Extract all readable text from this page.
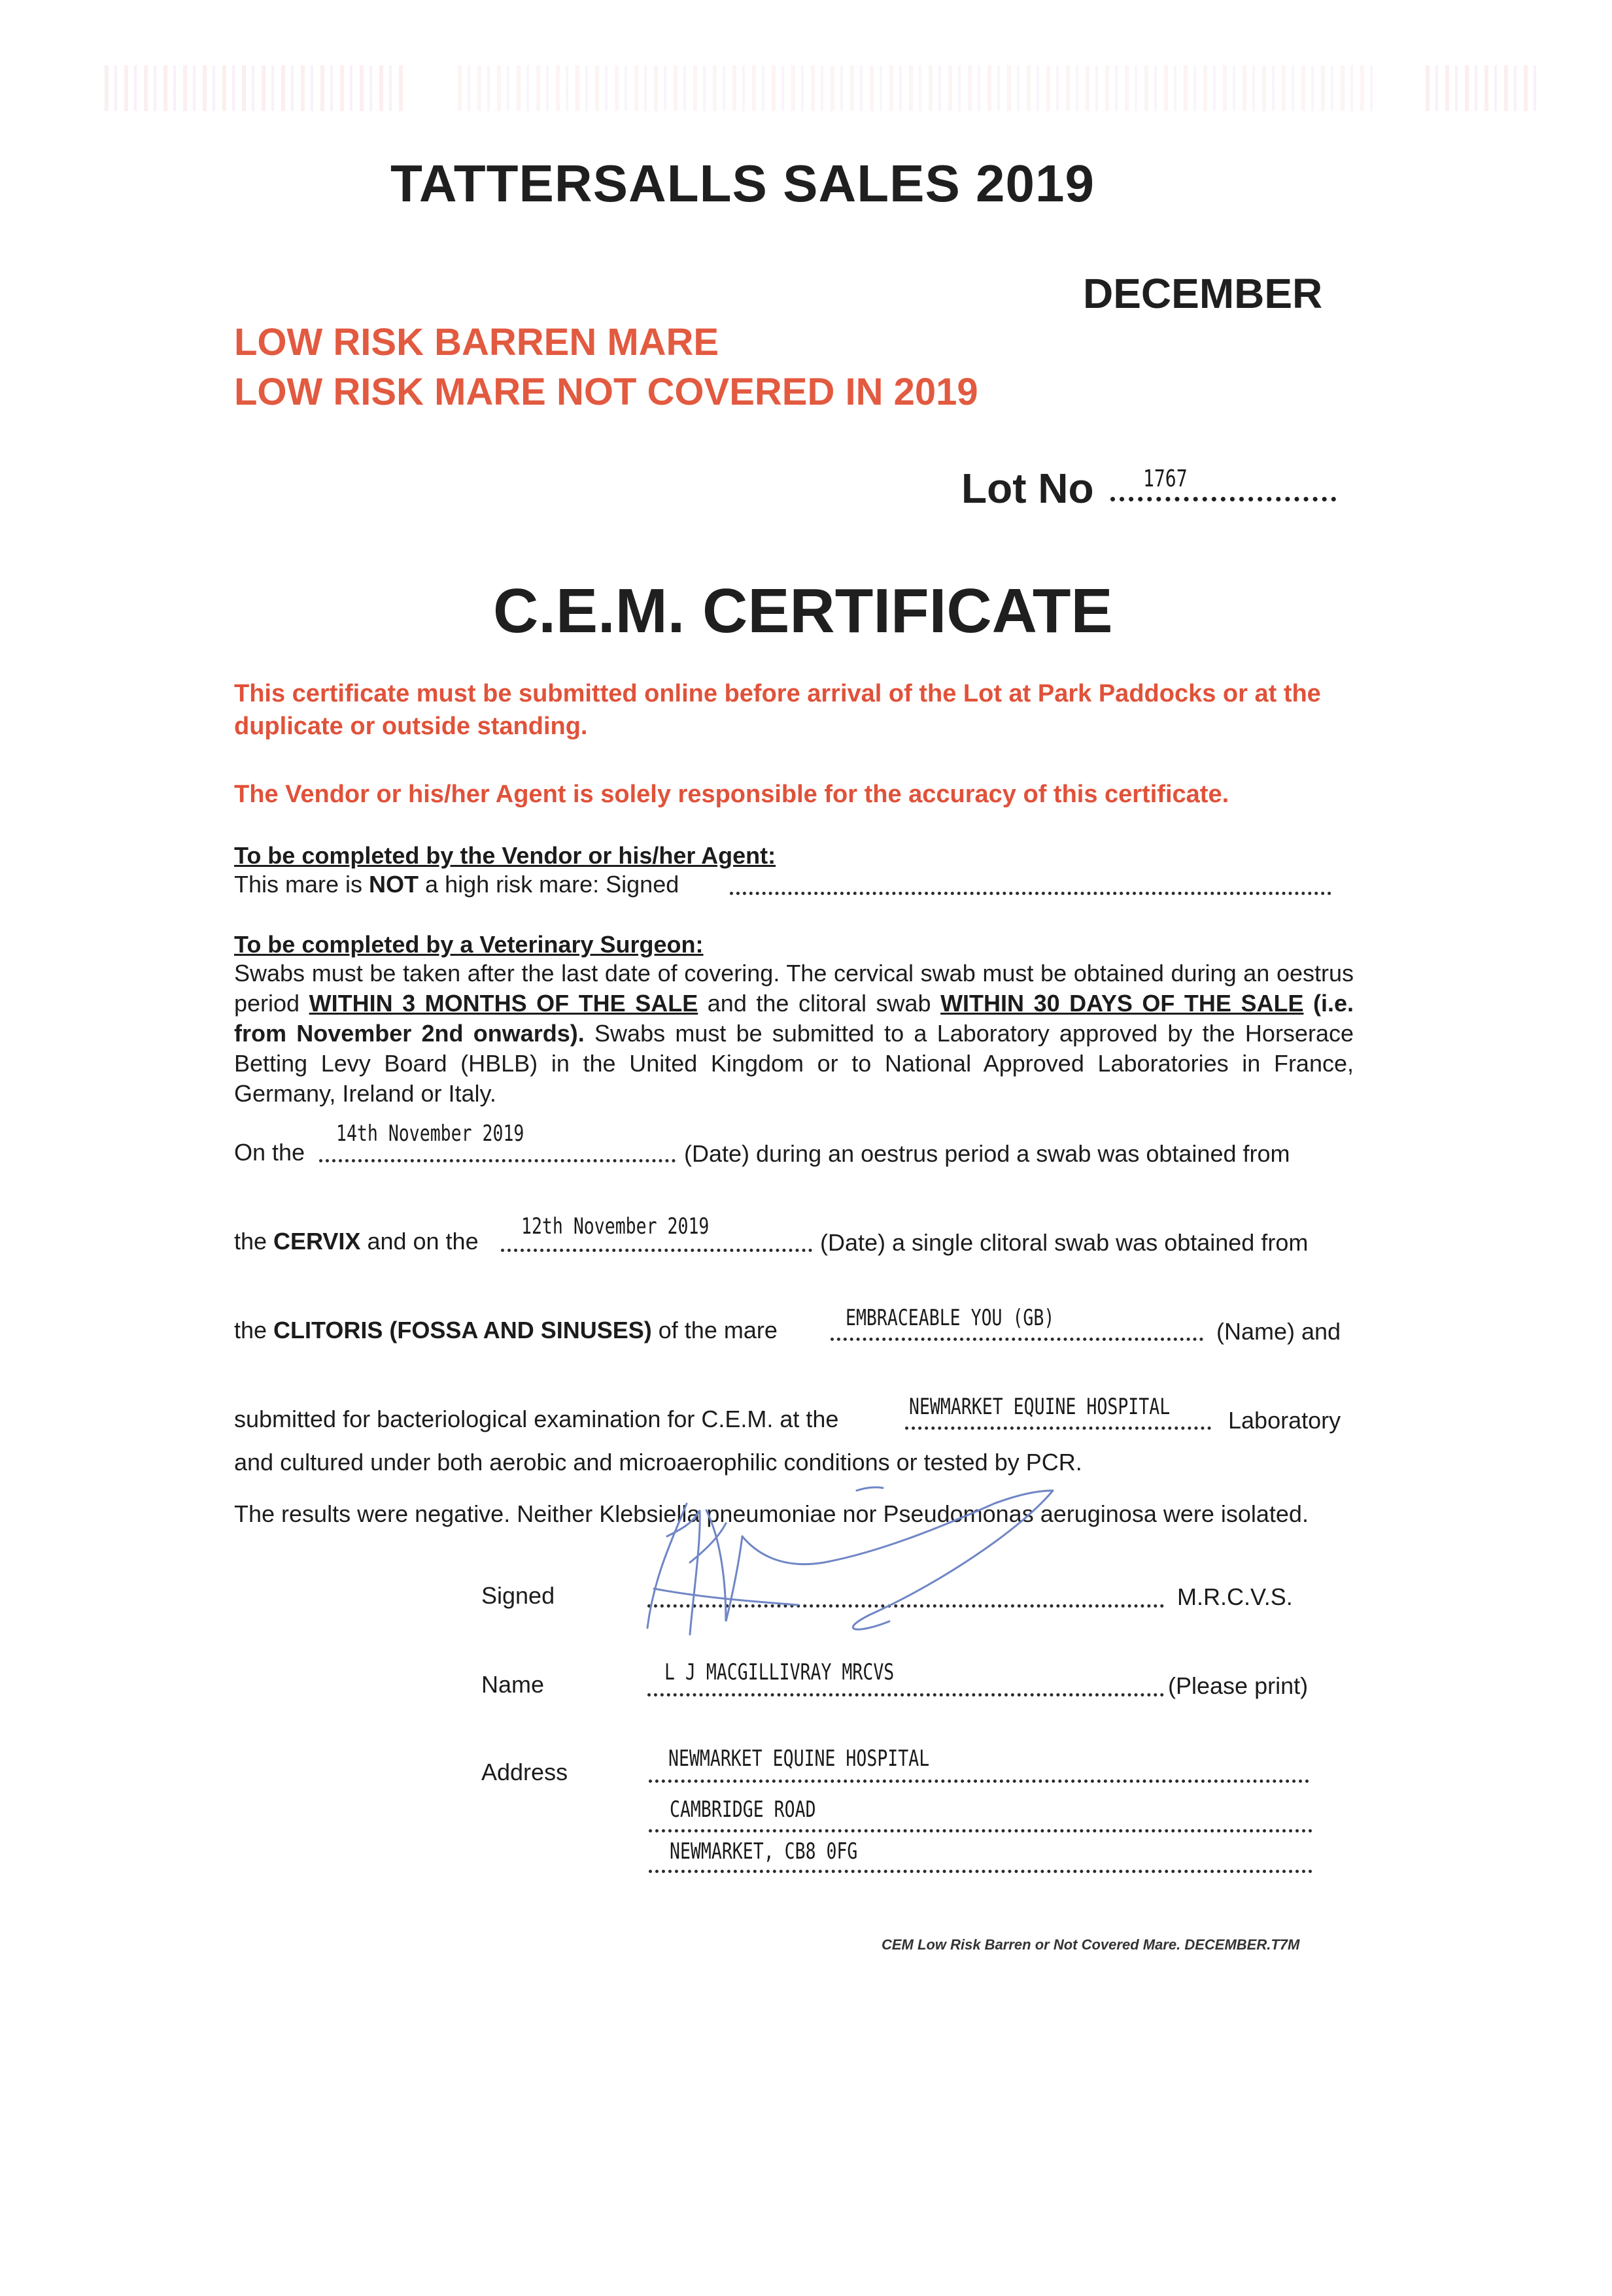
TATTERSALLS SALES 2019
DECEMBER
LOW RISK BARREN MARE
LOW RISK MARE NOT COVERED IN 2019
Lot No 1767
C.E.M. CERTIFICATE
This certificate must be submitted online before arrival of the Lot at Park Paddocks or at the duplicate or outside standing.
The Vendor or his/her Agent is solely responsible for the accuracy of this certificate.
To be completed by the Vendor or his/her Agent:
This mare is NOT a high risk mare: Signed
To be completed by a Veterinary Surgeon:
Swabs must be taken after the last date of covering. The cervical swab must be obtained during an oestrus period WITHIN 3 MONTHS OF THE SALE and the clitoral swab WITHIN 30 DAYS OF THE SALE (i.e. from November 2nd onwards). Swabs must be submitted to a Laboratory approved by the Horserace Betting Levy Board (HBLB) in the United Kingdom or to National Approved Laboratories in France, Germany, Ireland or Italy.
On the
14th November 2019
(Date) during an oestrus period a swab was obtained from
the CERVIX and on the
12th November 2019
(Date) a single clitoral swab was obtained from
the CLITORIS (FOSSA AND SINUSES) of the mare	EMBRACEABLE YOU (GB)	(Name) and
submitted for bacteriological examination for C.E.M. at the	NEWMARKET EQUINE HOSPITAL Laboratory
and cultured under both aerobic and microaerophilic conditions or tested by PCR.
The results were negative. Neither Klebsiella pneumoniae nor Pseudomonas aeruginosa were isolated.
Signed	M.R.C.V.S.
Name	L J MACGILLIVRAY MRCVS	(Please print)
Address	NEWMARKET EQUINE HOSPITAL
CAMBRIDGE ROAD
NEWMARKET, CB8 0FG
CEM Low Risk Barren or Not Covered Mare. DECEMBER.T7M
